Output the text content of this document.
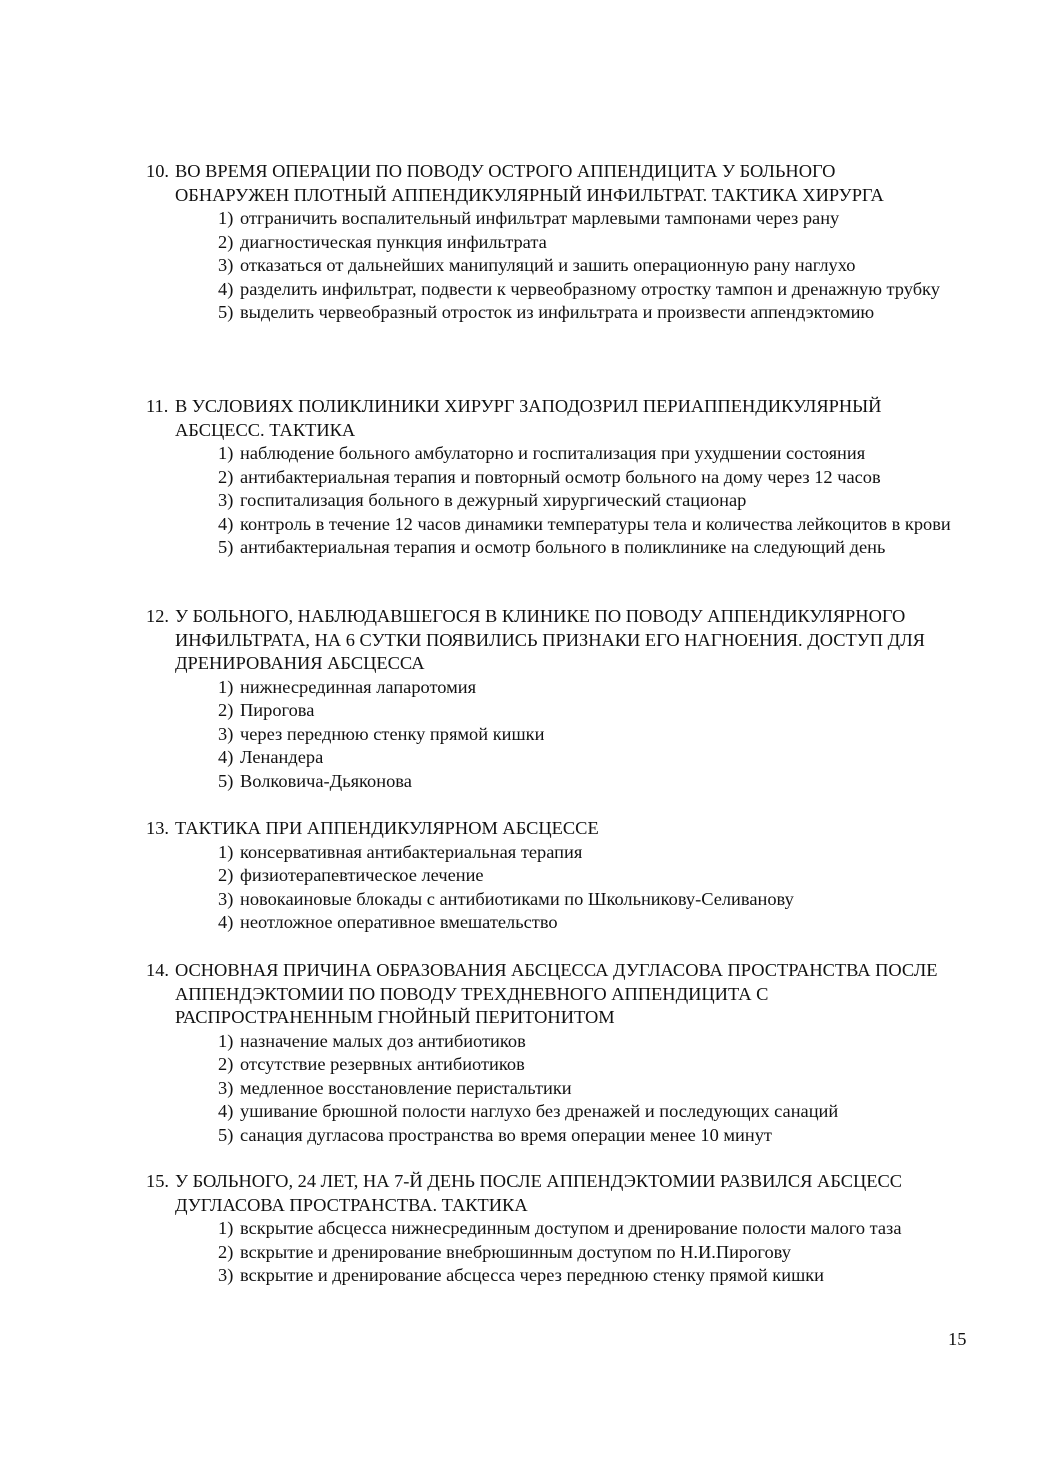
10. ВО ВРЕМЯ ОПЕРАЦИИ ПО ПОВОДУ ОСТРОГО АППЕНДИЦИТА У БОЛЬНОГО ОБНАРУЖЕН ПЛОТНЫЙ АППЕНДИКУЛЯРНЫЙ ИНФИЛЬТРАТ. ТАКТИКА ХИРУРГА

1) отграничить воспалительный инфильтрат марлевыми тампонами через рану
2) диагностическая пункция инфильтрата
3) отказаться от дальнейших манипуляций и зашить операционную рану наглухо
4) разделить инфильтрат, подвести к червеобразному отростку тампон и дренажную трубку
5) выделить червеобразный отросток из инфильтрата и произвести аппендэктомию

11. В УСЛОВИЯХ ПОЛИКЛИНИКИ ХИРУРГ ЗАПОДОЗРИЛ ПЕРИАППЕНДИКУЛЯРНЫЙ АБСЦЕСС. ТАКТИКА

1) наблюдение больного амбулаторно и госпитализация при ухудшении состояния
2) антибактериальная терапия и повторный осмотр больного на дому через 12 часов
3) госпитализация больного в дежурный хирургический стационар
4) контроль в течение 12 часов динамики температуры тела и количества лейкоцитов в крови
5) антибактериальная терапия и осмотр больного в поликлинике на следующий день

12. У БОЛЬНОГО, НАБЛЮДАВШЕГОСЯ В КЛИНИКЕ ПО ПОВОДУ АППЕНДИКУЛЯРНОГО ИНФИЛЬТРАТА, НА 6 СУТКИ ПОЯВИЛИСЬ ПРИЗНАКИ ЕГО НАГНОЕНИЯ. ДОСТУП ДЛЯ ДРЕНИРОВАНИЯ АБСЦЕССА

1) нижнесрединная лапаротомия
2) Пирогова
3) через переднюю стенку прямой кишки
4) Ленандера
5) Волковича-Дьяконова

13. ТАКТИКА ПРИ АППЕНДИКУЛЯРНОМ АБСЦЕССЕ

1) консервативная антибактериальная терапия
2) физиотерапевтическое лечение
3) новокаиновые блокады с антибиотиками по Школьникову-Селиванову
4) неотложное оперативное вмешательство

14. ОСНОВНАЯ ПРИЧИНА ОБРАЗОВАНИЯ АБСЦЕССА ДУГЛАСОВА ПРОСТРАНСТВА ПОСЛЕ АППЕНДЭКТОМИИ ПО ПОВОДУ ТРЕХДНЕВНОГО АППЕНДИЦИТА С РАСПРОСТРАНЕННЫМ ГНОЙНЫЙ ПЕРИТОНИТОМ

1) назначение малых доз антибиотиков
2) отсутствие резервных антибиотиков
3) медленное восстановление перистальтики
4) ушивание брюшной полости наглухо без дренажей и последующих санаций
5) санация дугласова пространства во время операции менее 10 минут

15. У БОЛЬНОГО, 24 ЛЕТ, НА 7-Й ДЕНЬ ПОСЛЕ АППЕНДЭКТОМИИ РАЗВИЛСЯ АБСЦЕСС ДУГЛАСОВА ПРОСТРАНСТВА. ТАКТИКА

1) вскрытие абсцесса нижнесрединным доступом и дренирование полости малого таза
2) вскрытие и дренирование внебрюшинным доступом по Н.И.Пирогову
3) вскрытие и дренирование абсцесса через переднюю стенку прямой кишки
15
